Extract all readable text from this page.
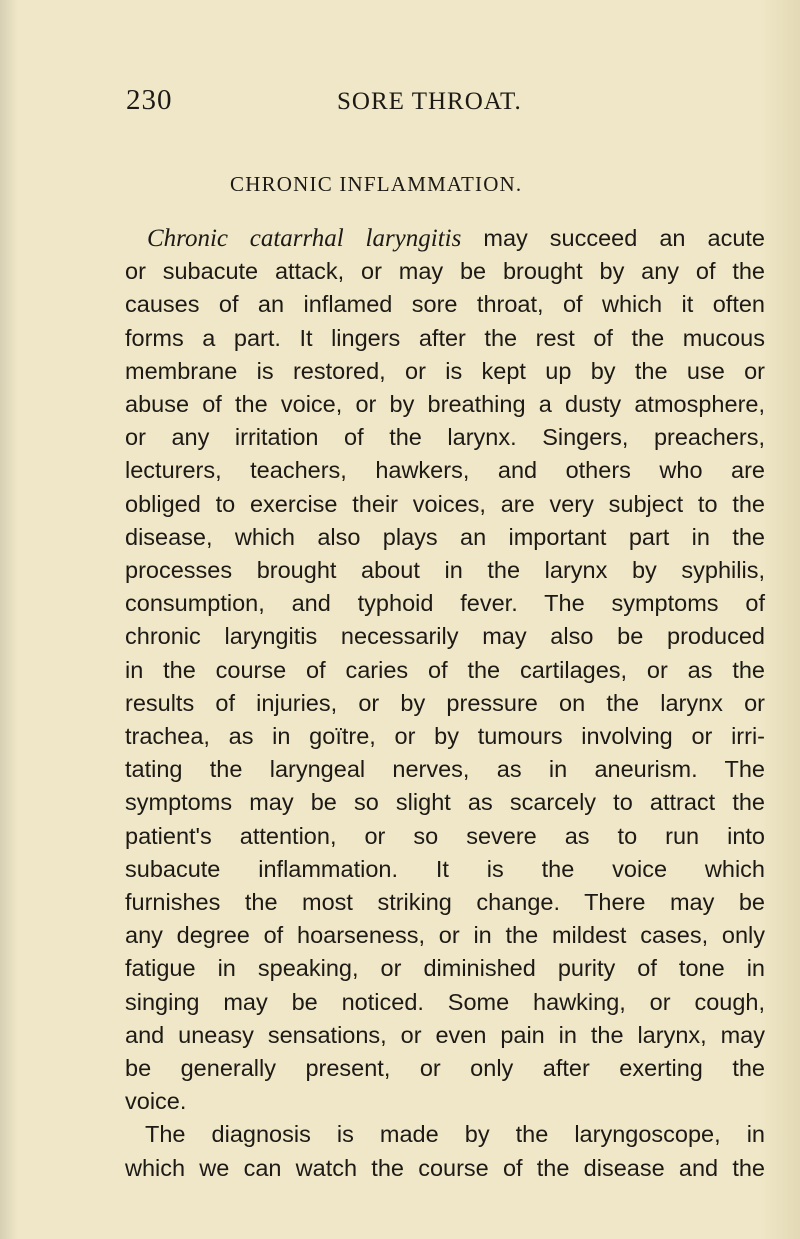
230	SORE THROAT.
CHRONIC INFLAMMATION.
Chronic catarrhal laryngitis may succeed an acute
or subacute attack, or may be brought by any of the
causes of an inflamed sore throat, of which it often
forms a part. It lingers after the rest of the mucous
membrane is restored, or is kept up by the use or
abuse of the voice, or by breathing a dusty atmosphere,
or any irritation of the larynx. Singers, preachers,
lecturers, teachers, hawkers, and others who are
obliged to exercise their voices, are very subject to the
disease, which also plays an important part in the
processes brought about in the larynx by syphilis,
consumption, and typhoid fever. The symptoms of
chronic laryngitis necessarily may also be produced
in the course of caries of the cartilages, or as the
results of injuries, or by pressure on the larynx or
trachea, as in goïtre, or by tumours involving or irri-
tating the laryngeal nerves, as in aneurism. The
symptoms may be so slight as scarcely to attract the
patient's attention, or so severe as to run into
subacute inflammation. It is the voice which
furnishes the most striking change. There may be
any degree of hoarseness, or in the mildest cases, only
fatigue in speaking, or diminished purity of tone in
singing may be noticed. Some hawking, or cough,
and uneasy sensations, or even pain in the larynx, may
be generally present, or only after exerting the
voice.
The diagnosis is made by the laryngoscope, in
which we can watch the course of the disease and the
